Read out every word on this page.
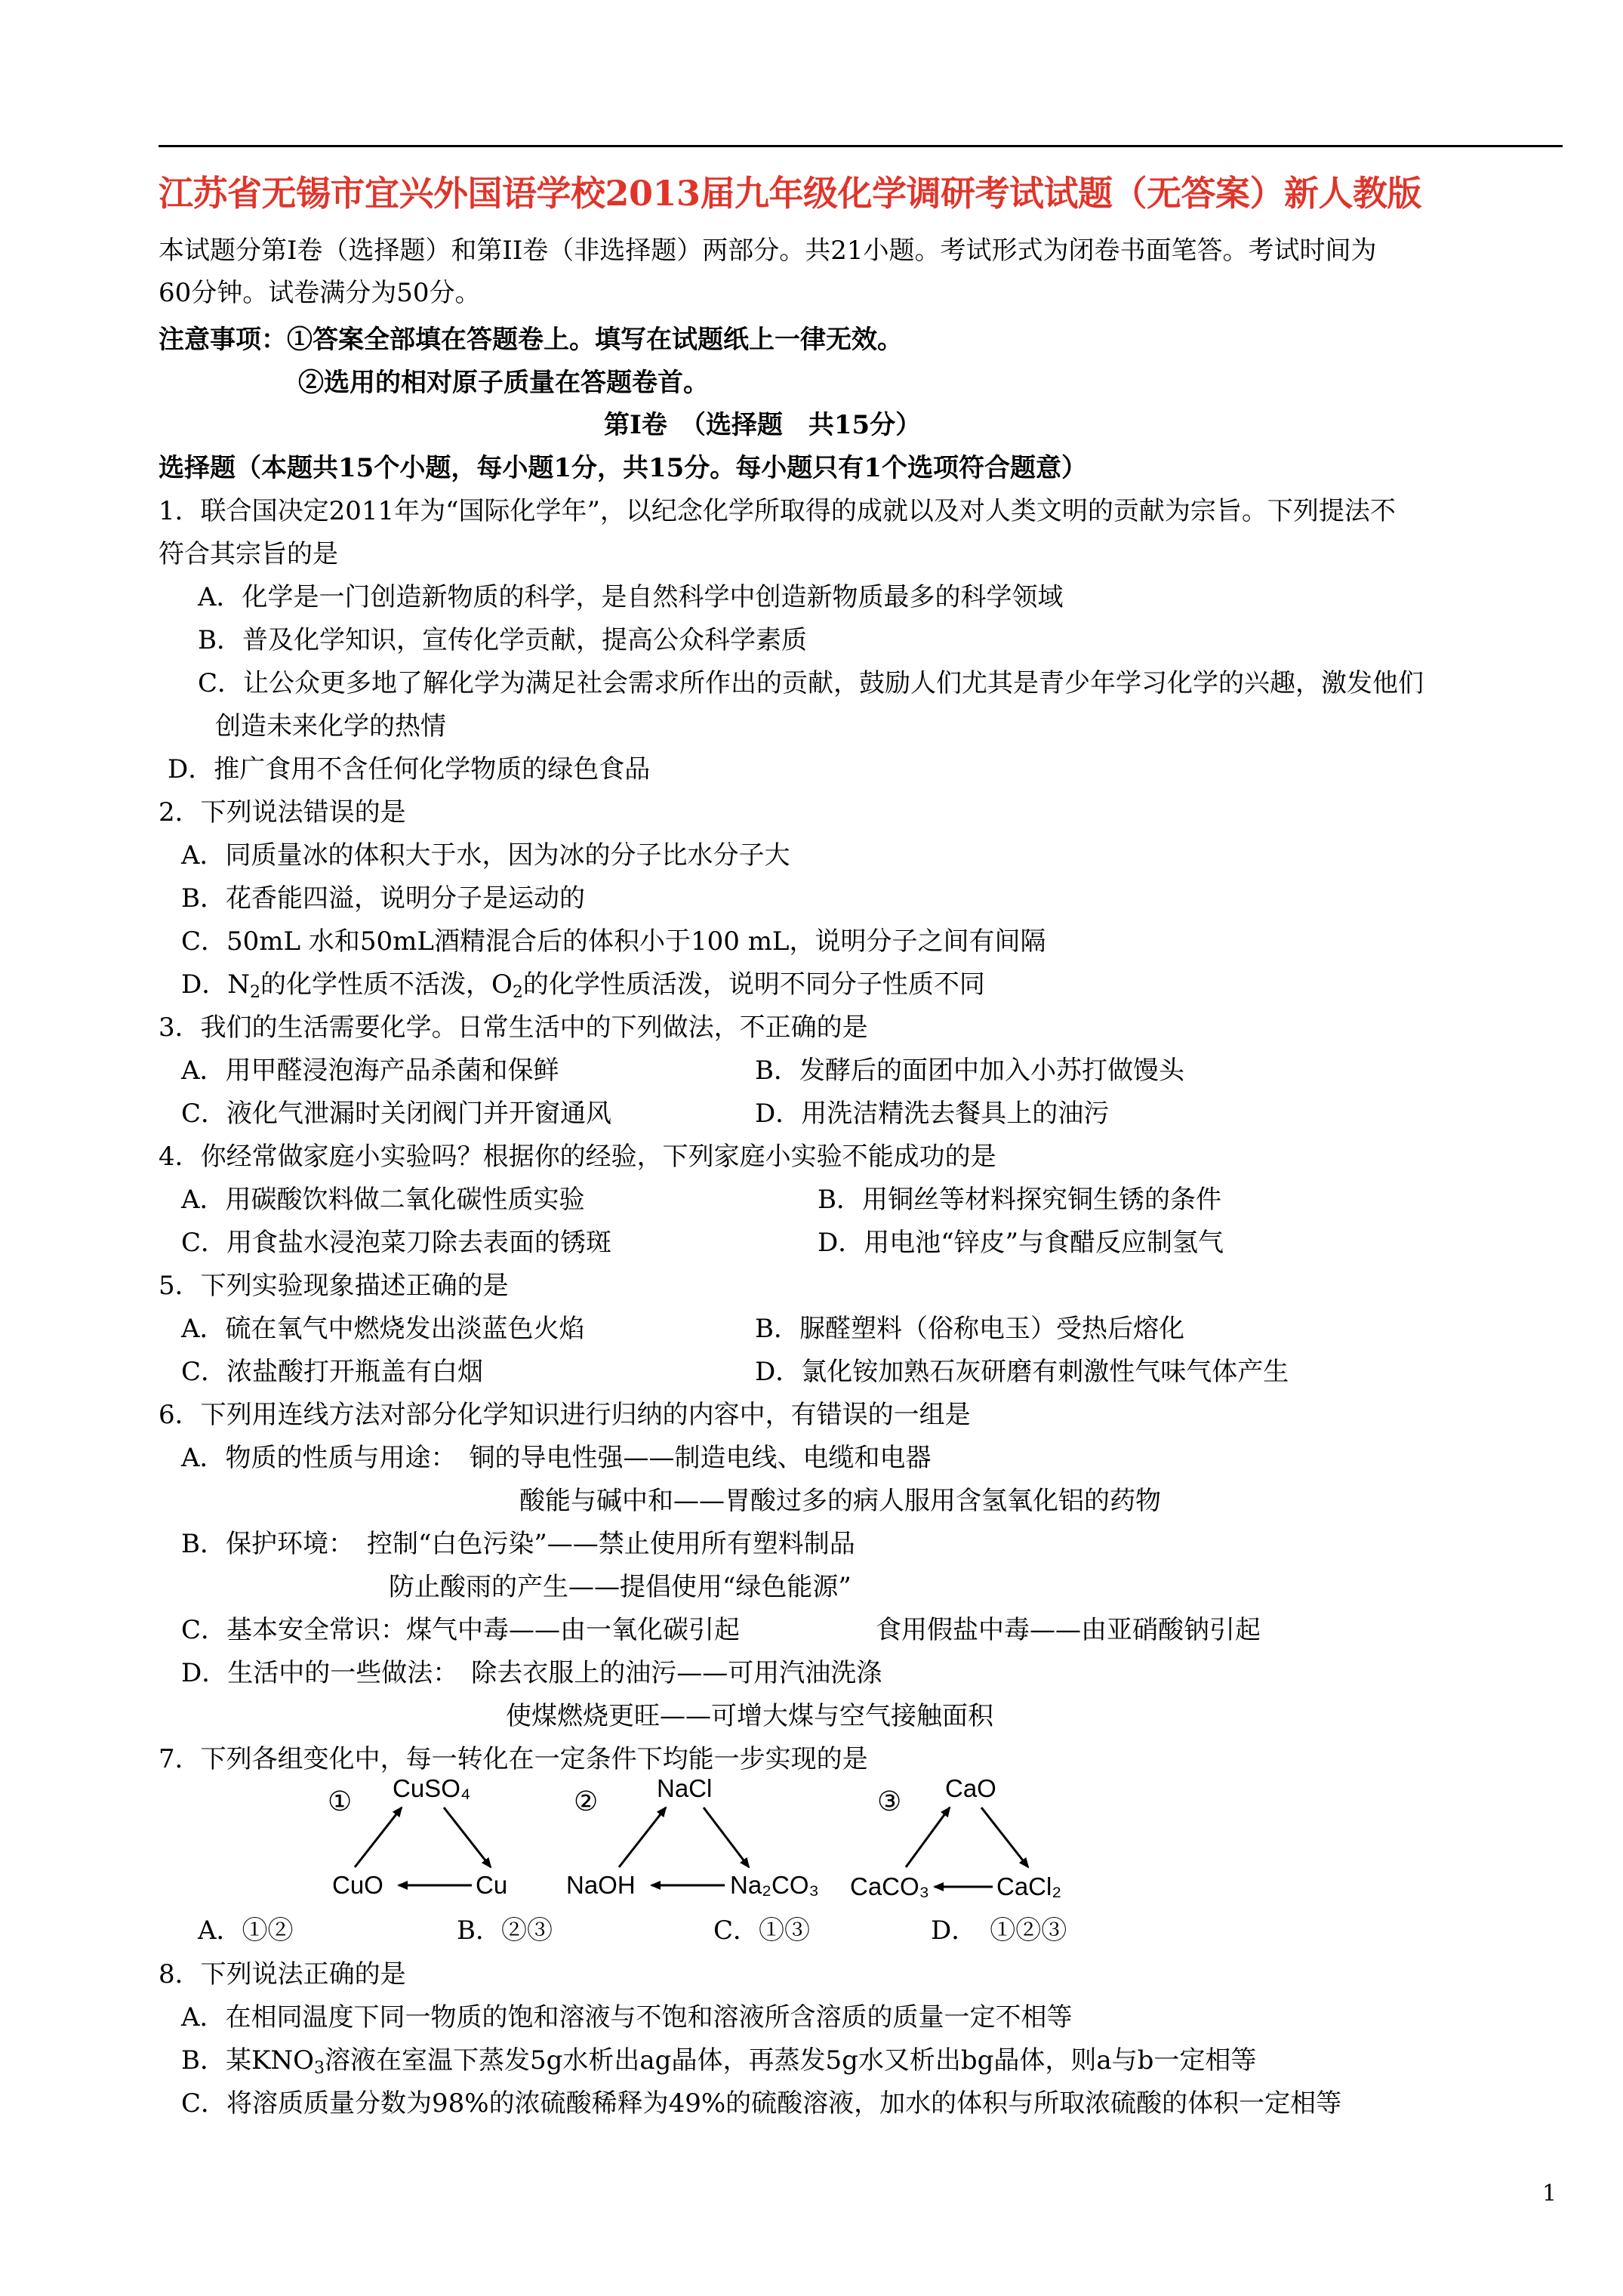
江苏省无锡市宜兴外国语学校2013届九年级化学调研考试试题（无答案）新人教版
本试题分第Ⅰ卷（选择题）和第II卷（非选择题）两部分。共21小题。考试形式为闭卷书面笔答。考试时间为
60分钟。试卷满分为50分。
注意事项：①答案全部填在答题卷上。填写在试题纸上一律无效。
②选用的相对原子质量在答题卷首。
第Ⅰ卷　（选择题　共15分）
选择题（本题共15个小题，每小题1分，共15分。每小题只有1个选项符合题意）
1．联合国决定2011年为“国际化学年”，以纪念化学所取得的成就以及对人类文明的贡献为宗旨。下列提法不
符合其宗旨的是
A．化学是一门创造新物质的科学，是自然科学中创造新物质最多的科学领域
B．普及化学知识，宣传化学贡献，提高公众科学素质
C．让公众更多地了解化学为满足社会需求所作出的贡献，鼓励人们尤其是青少年学习化学的兴趣，激发他们
创造未来化学的热情
D．推广食用不含任何化学物质的绿色食品
2．下列说法错误的是
A．同质量冰的体积大于水，因为冰的分子比水分子大
B．花香能四溢，说明分子是运动的
C．50mL 水和50mL酒精混合后的体积小于100 mL，说明分子之间有间隔
D．$N_2$的化学性质不活泼，$O_2$的化学性质活泼，说明不同分子性质不同
3．我们的生活需要化学。日常生活中的下列做法，不正确的是
A．用甲醛浸泡海产品杀菌和保鲜	B．发酵后的面团中加入小苏打做馒头
C．液化气泄漏时关闭阀门并开窗通风	D．用洗洁精洗去餐具上的油污
4．你经常做家庭小实验吗？根据你的经验，下列家庭小实验不能成功的是
A．用碳酸饮料做二氧化碳性质实验	B．用铜丝等材料探究铜生锈的条件
C．用食盐水浸泡菜刀除去表面的锈斑	D．用电池“锌皮”与食醋反应制氢气
5．下列实验现象描述正确的是
A．硫在氧气中燃烧发出淡蓝色火焰	B．脲醛塑料（俗称电玉）受热后熔化
C．浓盐酸打开瓶盖有白烟	D．氯化铵加熟石灰研磨有刺激性气味气体产生
6．下列用连线方法对部分化学知识进行归纳的内容中，有错误的一组是
A．物质的性质与用途：　铜的导电性强——制造电线、电缆和电器
酸能与碱中和——胃酸过多的病人服用含氢氧化铝的药物
B．保护环境：　控制“白色污染”——禁止使用所有塑料制品
防止酸雨的产生——提倡使用“绿色能源”
C．基本安全常识：煤气中毒——由一氧化碳引起	食用假盐中毒——由亚硝酸钠引起
D．生活中的一些做法：　除去衣服上的油污——可用汽油洗涤
使煤燃烧更旺——可增大煤与空气接触面积
7．下列各组变化中，每一转化在一定条件下均能一步实现的是
① CuSO₄
CuO	Cu
② NaCl
NaOH	Na₂CO₃
③ CaO
CaCO₃	CaCl₂
A．①②	B．②③	C．①③	D．　①②③
8．下列说法正确的是
A．在相同温度下同一物质的饱和溶液与不饱和溶液所含溶质的质量一定不相等
B．某$KNO_3$溶液在室温下蒸发5g水析出ag晶体，再蒸发5g水又析出bg晶体，则a与b一定相等
C．将溶质质量分数为98%的浓硫酸稀释为49%的硫酸溶液，加水的体积与所取浓硫酸的体积一定相等
1
